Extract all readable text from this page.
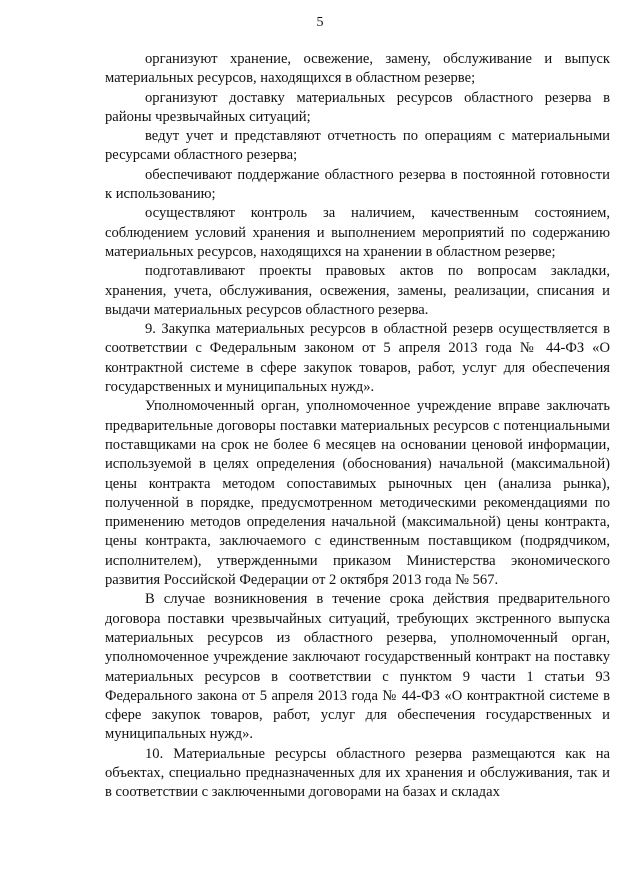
5

организуют хранение, освежение, замену, обслуживание и выпуск материальных ресурсов, находящихся в областном резерве;

организуют доставку материальных ресурсов областного резерва в районы чрезвычайных ситуаций;

ведут учет и представляют отчетность по операциям с материальными ресурсами областного резерва;

обеспечивают поддержание областного резерва в постоянной готовности к использованию;

осуществляют контроль за наличием, качественным состоянием, соблюдением условий хранения и выполнением мероприятий по содержанию материальных ресурсов, находящихся на хранении в областном резерве;

подготавливают проекты правовых актов по вопросам закладки, хранения, учета, обслуживания, освежения, замены, реализации, списания и выдачи материальных ресурсов областного резерва.

9. Закупка материальных ресурсов в областной резерв осуществляется в соответствии с Федеральным законом от 5 апреля 2013 года № 44-ФЗ «О контрактной системе в сфере закупок товаров, работ, услуг для обеспечения государственных и муниципальных нужд».

Уполномоченный орган, уполномоченное учреждение вправе заключать предварительные договоры поставки материальных ресурсов с потенциальными поставщиками на срок не более 6 месяцев на основании ценовой информации, используемой в целях определения (обоснования) начальной (максимальной) цены контракта методом сопоставимых рыночных цен (анализа рынка), полученной в порядке, предусмотренном методическими рекомендациями по применению методов определения начальной (максимальной) цены контракта, цены контракта, заключаемого с единственным поставщиком (подрядчиком, исполнителем), утвержденными приказом Министерства экономического развития Российской Федерации от 2 октября 2013 года № 567.

В случае возникновения в течение срока действия предварительного договора поставки чрезвычайных ситуаций, требующих экстренного выпуска материальных ресурсов из областного резерва, уполномоченный орган, уполномоченное учреждение заключают государственный контракт на поставку материальных ресурсов в соответствии с пунктом 9 части 1 статьи 93 Федерального закона от 5 апреля 2013 года № 44-ФЗ «О контрактной системе в сфере закупок товаров, работ, услуг для обеспечения государственных и муниципальных нужд».

10. Материальные ресурсы областного резерва размещаются как на объектах, специально предназначенных для их хранения и обслуживания, так и в соответствии с заключенными договорами на базах и складах
